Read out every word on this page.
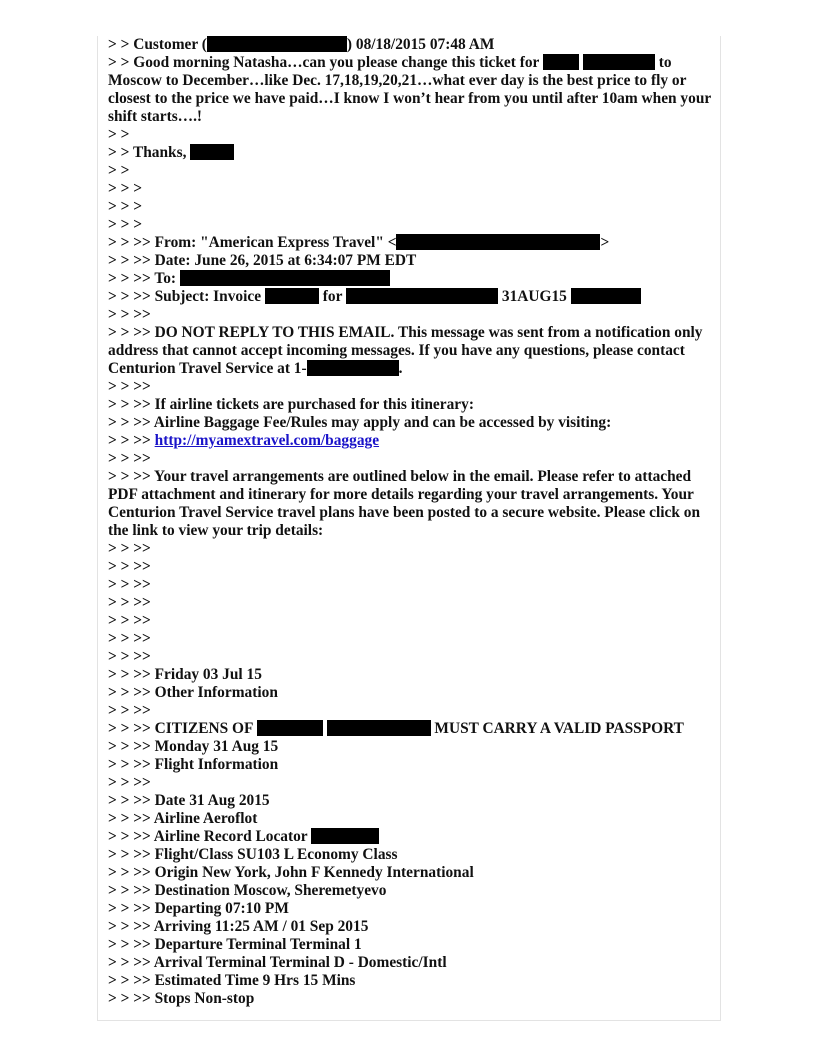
> > Customer (	) 08/18/2015 07:48 AM
> > Good morning Natasha…can you please change this ticket for	to Moscow to December…like Dec. 17,18,19,20,21…what ever day is the best price to fly or closest to the price we have paid…I know I won’t hear from you until after 10am when your shift starts….!
> >
> > Thanks,
> >
> > >
> > >
> > >
> > >> From: "American Express Travel" <	>
> > >> Date: June 26, 2015 at 6:34:07 PM EDT
> > >> To:
> > >> Subject: Invoice	for	31AUG15
> > >>
> > >> DO NOT REPLY TO THIS EMAIL. This message was sent from a notification only address that cannot accept incoming messages. If you have any questions, please contact Centurion Travel Service at 1-	.
> > >>
> > >> If airline tickets are purchased for this itinerary:
> > >> Airline Baggage Fee/Rules may apply and can be accessed by visiting:
> > >> http://myamextravel.com/baggage
> > >>
> > >> Your travel arrangements are outlined below in the email. Please refer to attached PDF attachment and itinerary for more details regarding your travel arrangements. Your Centurion Travel Service travel plans have been posted to a secure website. Please click on the link to view your trip details:
> > >>
> > >>
> > >>
> > >>
> > >>
> > >>
> > >>
> > >> Friday 03 Jul 15
> > >> Other Information
> > >>
> > >> CITIZENS OF	MUST CARRY A VALID PASSPORT
> > >> Monday 31 Aug 15
> > >> Flight Information
> > >>
> > >> Date 31 Aug 2015
> > >> Airline Aeroflot
> > >> Airline Record Locator
> > >> Flight/Class SU103 L Economy Class
> > >> Origin New York, John F Kennedy International
> > >> Destination Moscow, Sheremetyevo
> > >> Departing 07:10 PM
> > >> Arriving 11:25 AM / 01 Sep 2015
> > >> Departure Terminal Terminal 1
> > >> Arrival Terminal Terminal D - Domestic/Intl
> > >> Estimated Time 9 Hrs 15 Mins
> > >> Stops Non-stop
